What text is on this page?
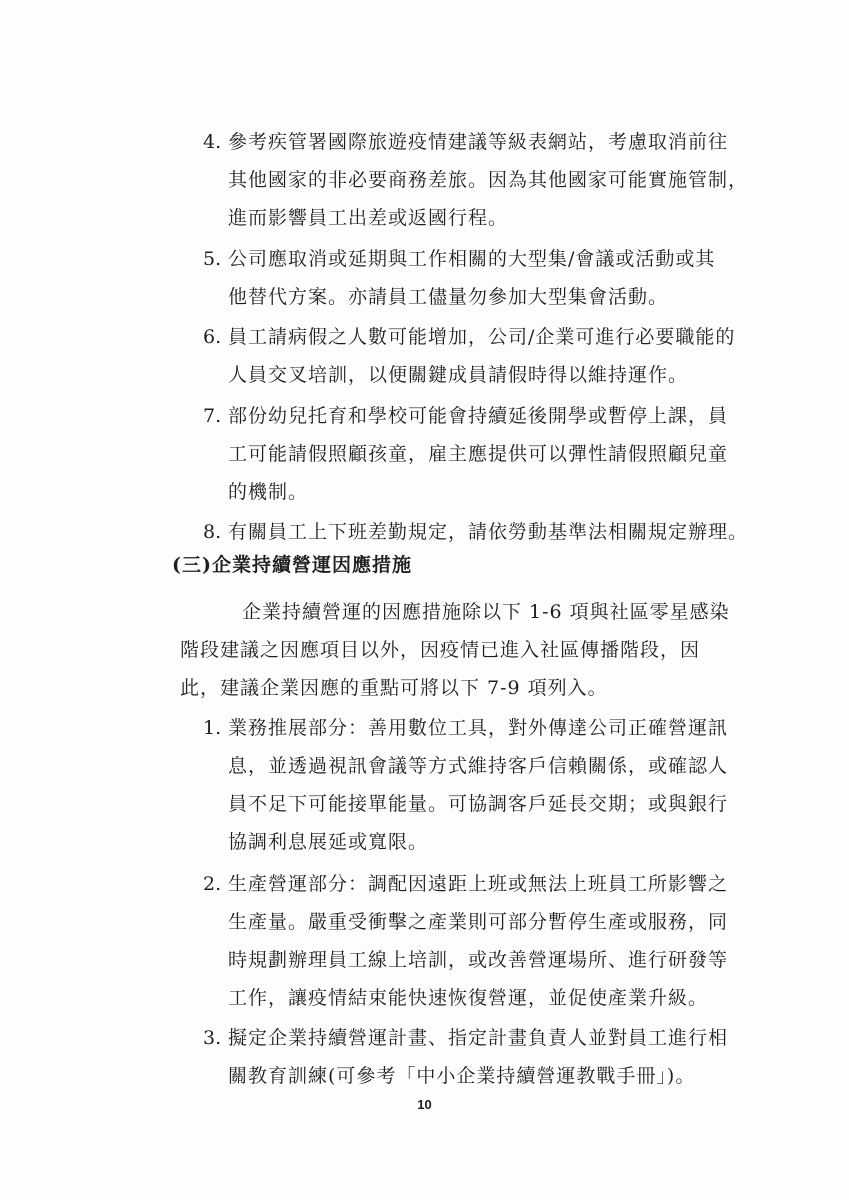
4. 參考疾管署國際旅遊疫情建議等級表網站，考慮取消前往
其他國家的非必要商務差旅。因為其他國家可能實施管制，
進而影響員工出差或返國行程。
5. 公司應取消或延期與工作相關的大型集/會議或活動或其
他替代方案。亦請員工儘量勿參加大型集會活動。
6. 員工請病假之人數可能增加，公司/企業可進行必要職能的
人員交叉培訓，以便關鍵成員請假時得以維持運作。
7. 部份幼兒托育和學校可能會持續延後開學或暫停上課，員
工可能請假照顧孩童，雇主應提供可以彈性請假照顧兒童
的機制。
8. 有關員工上下班差勤規定，請依勞動基準法相關規定辦理。
(三)企業持續營運因應措施
企業持續營運的因應措施除以下 1-6 項與社區零星感染
階段建議之因應項目以外，因疫情已進入社區傳播階段，因
此，建議企業因應的重點可將以下 7-9 項列入。
1. 業務推展部分：善用數位工具，對外傳達公司正確營運訊
息，並透過視訊會議等方式維持客戶信賴關係，或確認人
員不足下可能接單能量。可協調客戶延長交期；或與銀行
協調利息展延或寬限。
2. 生產營運部分：調配因遠距上班或無法上班員工所影響之
生產量。嚴重受衝擊之產業則可部分暫停生產或服務，同
時規劃辦理員工線上培訓，或改善營運場所、進行研發等
工作，讓疫情結束能快速恢復營運，並促使產業升級。
3. 擬定企業持續營運計畫、指定計畫負責人並對員工進行相
關教育訓練(可參考「中小企業持續營運教戰手冊」)。
10
